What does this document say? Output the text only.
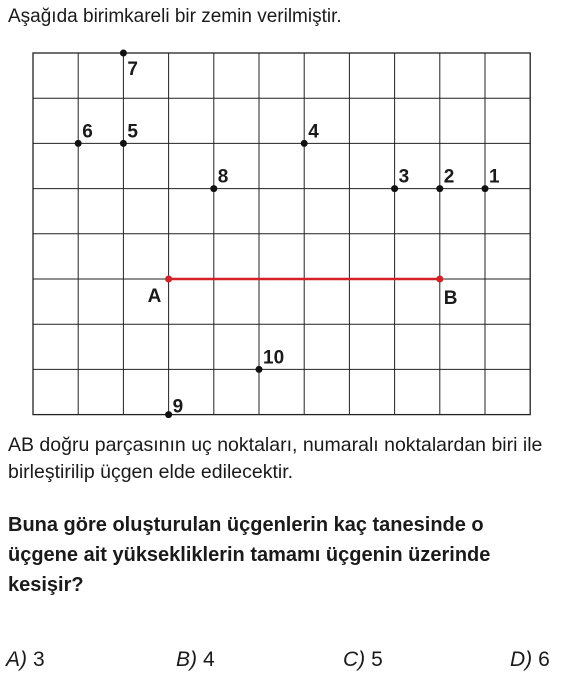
Aşağıda birimkareli bir zemin verilmiştir.
A	B
1
2
3
4
5
6
7
8
9
10
AB doğru parçasının uç noktaları, numaralı noktalardan biri ile birleştirilip üçgen elde edilecektir.
Buna göre oluşturulan üçgenlerin kaç tanesinde o üçgene ait yüksekliklerin tamamı üçgenin üzerinde kesişir?
A) 3	B) 4	C) 5	D) 6
